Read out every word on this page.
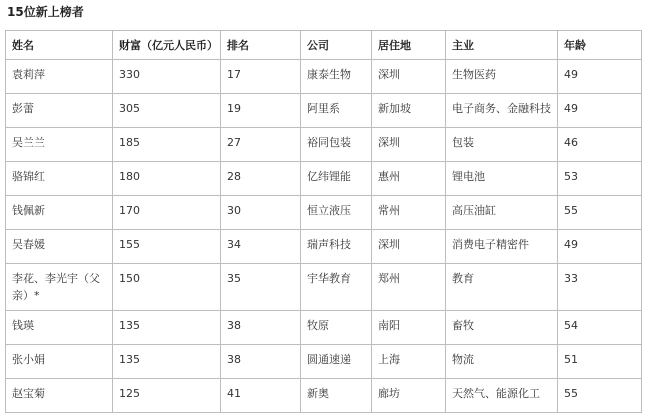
15位新上榜者
姓名	财富（亿元人民币）	排名	公司	居住地	主业	年龄
袁莉萍	330	17	康泰生物	深圳	生物医药	49
彭蕾	305	19	阿里系	新加坡	电子商务、金融科技	49
吴兰兰	185	27	裕同包装	深圳	包装	46
骆锦红	180	28	亿纬锂能	惠州	锂电池	53
钱佩新	170	30	恒立液压	常州	高压油缸	55
吴春媛	155	34	瑞声科技	深圳	消费电子精密件	49
李花、李光宇（父亲）*	150	35	宇华教育	郑州	教育	33
钱瑛	135	38	牧原	南阳	畜牧	54
张小娟	135	38	圆通速递	上海	物流	51
赵宝菊	125	41	新奥	廊坊	天然气、能源化工	55
